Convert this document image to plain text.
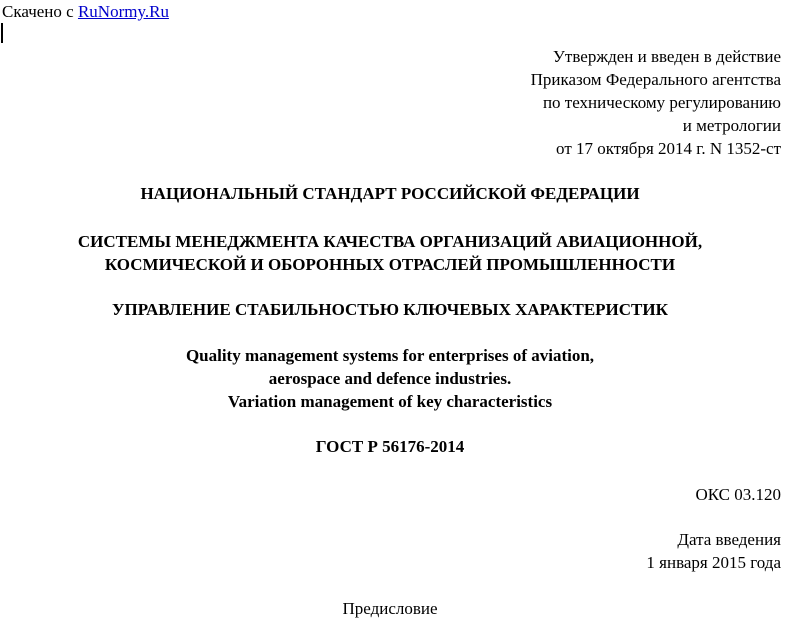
Скачено с RuNormy.Ru
Утвержден и введен в действие
Приказом Федерального агентства
по техническому регулированию
и метрологии
от 17 октября 2014 г. N 1352-ст
НАЦИОНАЛЬНЫЙ СТАНДАРТ РОССИЙСКОЙ ФЕДЕРАЦИИ
СИСТЕМЫ МЕНЕДЖМЕНТА КАЧЕСТВА ОРГАНИЗАЦИЙ АВИАЦИОННОЙ,
КОСМИЧЕСКОЙ И ОБОРОННЫХ ОТРАСЛЕЙ ПРОМЫШЛЕННОСТИ
УПРАВЛЕНИЕ СТАБИЛЬНОСТЬЮ КЛЮЧЕВЫХ ХАРАКТЕРИСТИК
Quality management systems for enterprises of aviation,
aerospace and defence industries.
Variation management of key characteristics
ГОСТ Р 56176-2014
ОКС 03.120
Дата введения
1 января 2015 года
Предисловие
